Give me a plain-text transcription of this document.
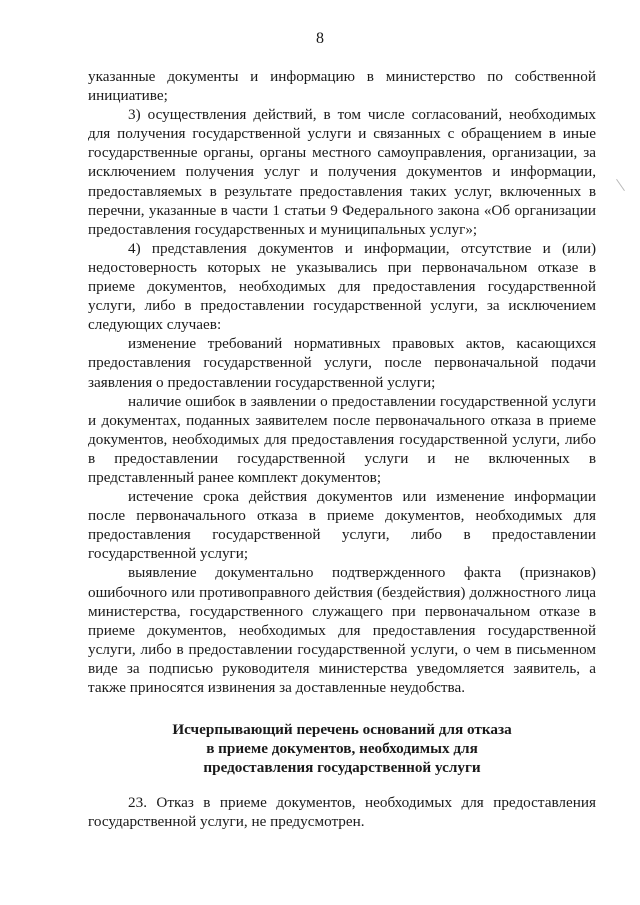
8

указанные документы и информацию в министерство по собственной инициативе;

3) осуществления действий, в том числе согласований, необходимых для получения государственной услуги и связанных с обращением в иные государственные органы, органы местного самоуправления, организации, за исключением получения услуг и получения документов и информации, предоставляемых в результате предоставления таких услуг, включенных в перечни, указанные в части 1 статьи 9 Федерального закона «Об организации предоставления государственных и муниципальных услуг»;

4) представления документов и информации, отсутствие и (или) недостоверность которых не указывались при первоначальном отказе в приеме документов, необходимых для предоставления государственной услуги, либо в предоставлении государственной услуги, за исключением следующих случаев:

изменение требований нормативных правовых актов, касающихся предоставления государственной услуги, после первоначальной подачи заявления о предоставлении государственной услуги;

наличие ошибок в заявлении о предоставлении государственной услуги и документах, поданных заявителем после первоначального отказа в приеме документов, необходимых для предоставления государственной услуги, либо в предоставлении государственной услуги и не включенных в представленный ранее комплект документов;

истечение срока действия документов или изменение информации после первоначального отказа в приеме документов, необходимых для предоставления государственной услуги, либо в предоставлении государственной услуги;

выявление документально подтвержденного факта (признаков) ошибочного или противоправного действия (бездействия) должностного лица министерства, государственного служащего при первоначальном отказе в приеме документов, необходимых для предоставления государственной услуги, либо в предоставлении государственной услуги, о чем в письменном виде за подписью руководителя министерства уведомляется заявитель, а также приносятся извинения за доставленные неудобства.

Исчерпывающий перечень оснований для отказа
в приеме документов, необходимых для
предоставления государственной услуги

23. Отказ в приеме документов, необходимых для предоставления государственной услуги, не предусмотрен.
